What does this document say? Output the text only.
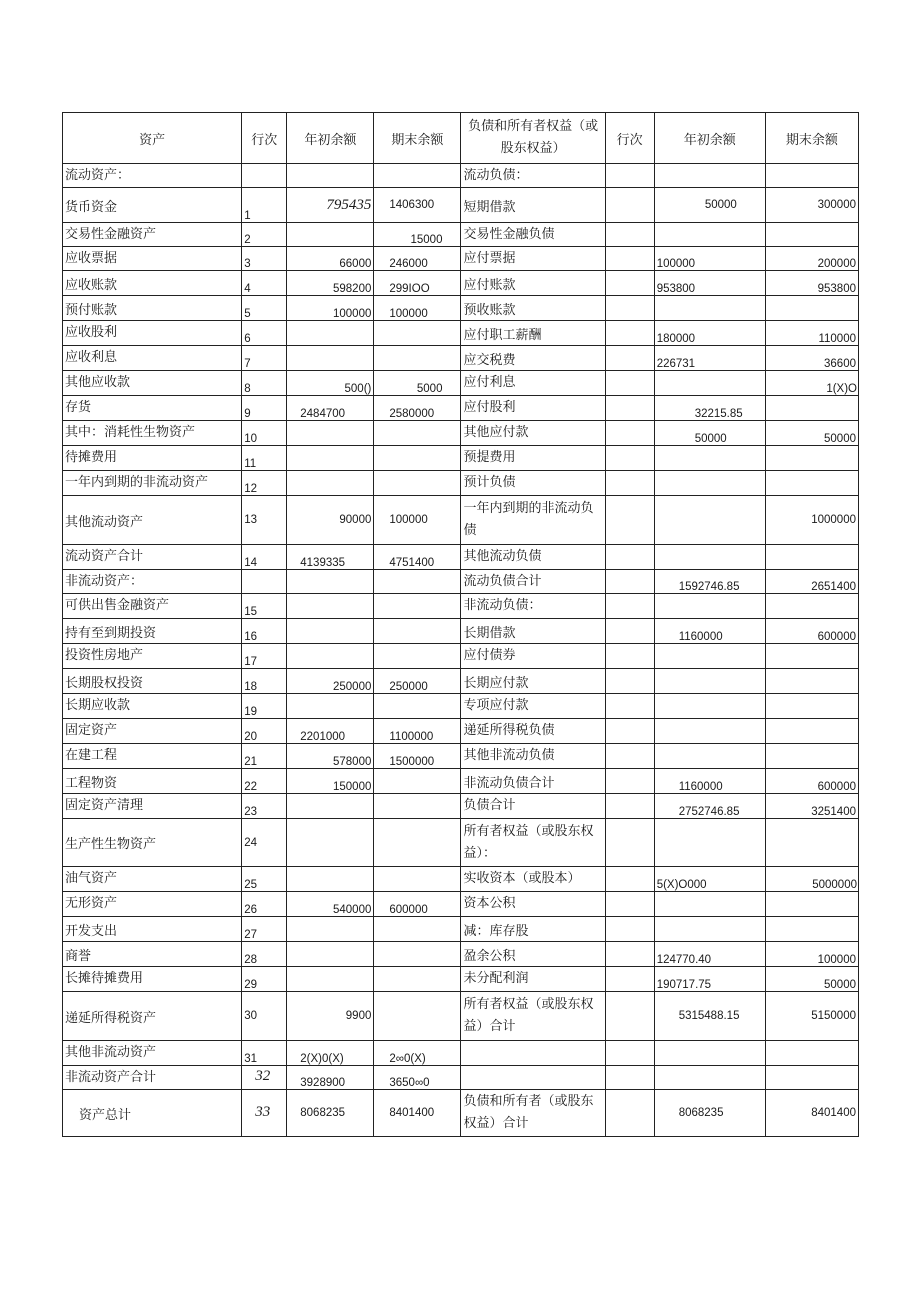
资产	行次	年初余额	期末余额	负债和所有者权益（或股东权益）	行次	年初余额	期末余额
流动资产：				流动负债：			
货币资金	1	795435	1406300	短期借款		50000	300000
交易性金融资产	2		15000	交易性金融负债			
应收票据	3	66000	246000	应付票据		100000	200000
应收账款	4	598200	299IOO	应付账款		953800	953800
预付账款	5	100000	100000	预收账款			
应收股利	6			应付职工薪酬		180000	110000
应收利息	7			应交税费		226731	36600
其他应收款	8	500()	5000	应付利息			1(X)O
存货	9	2484700	2580000	应付股利		32215.85	
其中：消耗性生物资产	10			其他应付款		50000	50000
待摊费用	11			预提费用			
一年内到期的非流动资产	12			预计负债			
其他流动资产	13	90000	100000	一年内到期的非流动负债			1000000
流动资产合计	14	4139335	4751400	其他流动负债			
非流动资产：				流动负债合计		1592746.85	2651400
可供出售金融资产	15			非流动负债：			
持有至到期投资	16			长期借款		1160000	600000
投资性房地产	17			应付债券			
长期股权投资	18	250000	250000	长期应付款			
长期应收款	19			专项应付款			
固定资产	20	2201000	1100000	递延所得税负债			
在建工程	21	578000	1500000	其他非流动负债			
工程物资	22	150000		非流动负债合计		1160000	600000
固定资产清理	23			负债合计		2752746.85	3251400
生产性生物资产	24			所有者权益（或股东权益）：			
油气资产	25			实收资本（或股本）		5(X)O000	5000000
无形资产	26	540000	600000	资本公积			
开发支出	27			减：库存股			
商誉	28			盈余公积		124770.40	100000
长摊待摊费用	29			未分配利润		190717.75	50000
递延所得税资产	30	9900		所有者权益（或股东权益）合计		5315488.15	5150000
其他非流动资产	31	2(X)0(X)	2∞0(X)				
非流动资产合计	32	3928900	3650∞0				
资产总计	33	8068235	8401400	负债和所有者（或股东权益）合计		8068235	8401400
